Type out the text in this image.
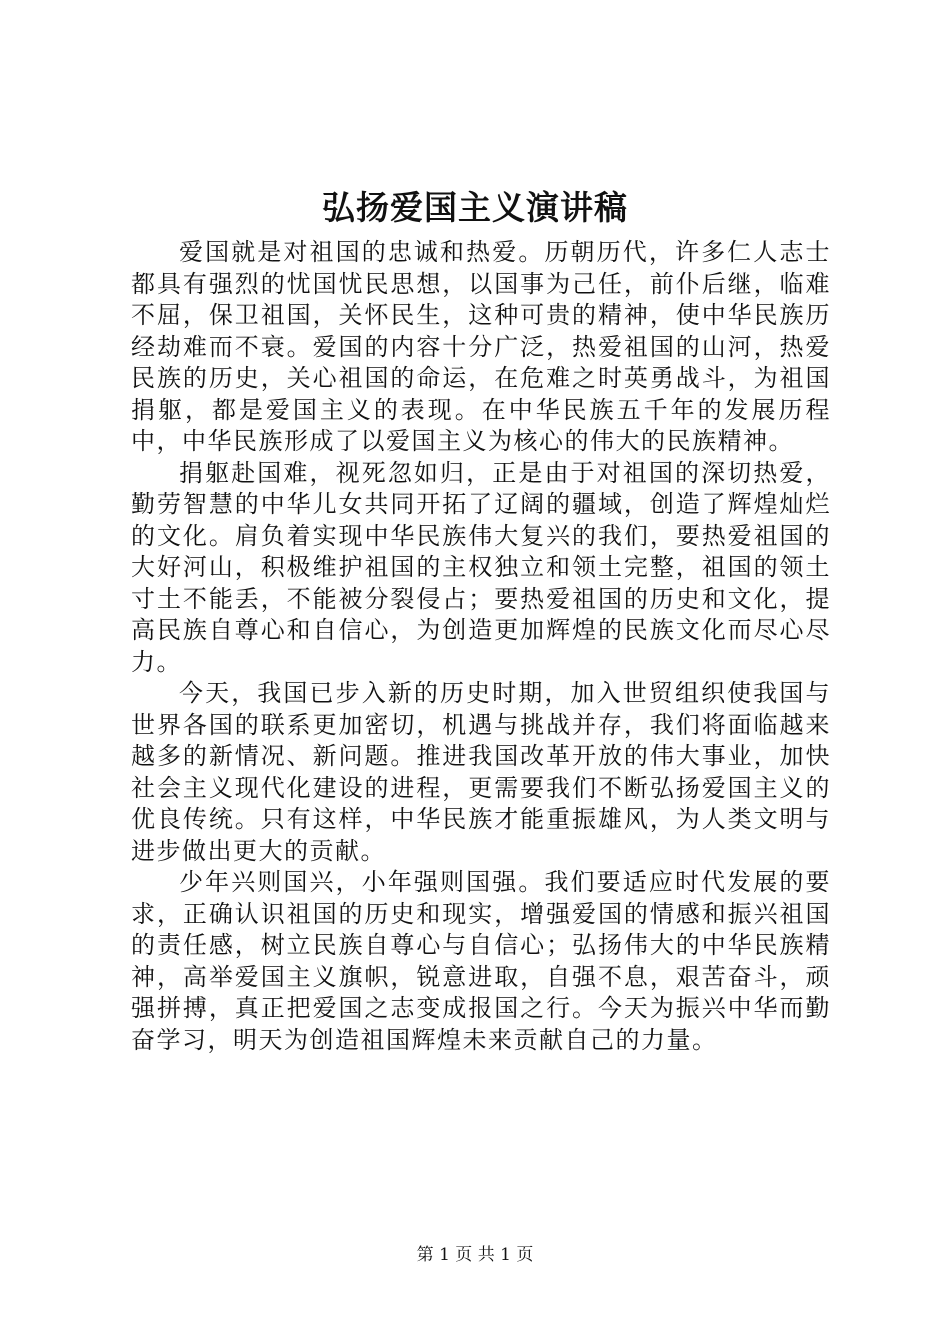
弘扬爱国主义演讲稿

爱国就是对祖国的忠诚和热爱。历朝历代，许多仁人志士都具有强烈的忧国忧民思想，以国事为己任，前仆后继，临难不屈，保卫祖国，关怀民生，这种可贵的精神，使中华民族历经劫难而不衰。爱国的内容十分广泛，热爱祖国的山河，热爱民族的历史，关心祖国的命运，在危难之时英勇战斗，为祖国捐躯，都是爱国主义的表现。在中华民族五千年的发展历程中，中华民族形成了以爱国主义为核心的伟大的民族精神。

捐躯赴国难，视死忽如归，正是由于对祖国的深切热爱，勤劳智慧的中华儿女共同开拓了辽阔的疆域，创造了辉煌灿烂的文化。肩负着实现中华民族伟大复兴的我们，要热爱祖国的大好河山，积极维护祖国的主权独立和领土完整，祖国的领土寸土不能丢，不能被分裂侵占；要热爱祖国的历史和文化，提高民族自尊心和自信心，为创造更加辉煌的民族文化而尽心尽力。

今天，我国已步入新的历史时期，加入世贸组织使我国与世界各国的联系更加密切，机遇与挑战并存，我们将面临越来越多的新情况、新问题。推进我国改革开放的伟大事业，加快社会主义现代化建设的进程，更需要我们不断弘扬爱国主义的优良传统。只有这样，中华民族才能重振雄风，为人类文明与进步做出更大的贡献。

少年兴则国兴，小年强则国强。我们要适应时代发展的要求，正确认识祖国的历史和现实，增强爱国的情感和振兴祖国的责任感，树立民族自尊心与自信心；弘扬伟大的中华民族精神，高举爱国主义旗帜，锐意进取，自强不息，艰苦奋斗，顽强拼搏，真正把爱国之志变成报国之行。今天为振兴中华而勤奋学习，明天为创造祖国辉煌未来贡献自己的力量。

第 1 页 共 1 页
